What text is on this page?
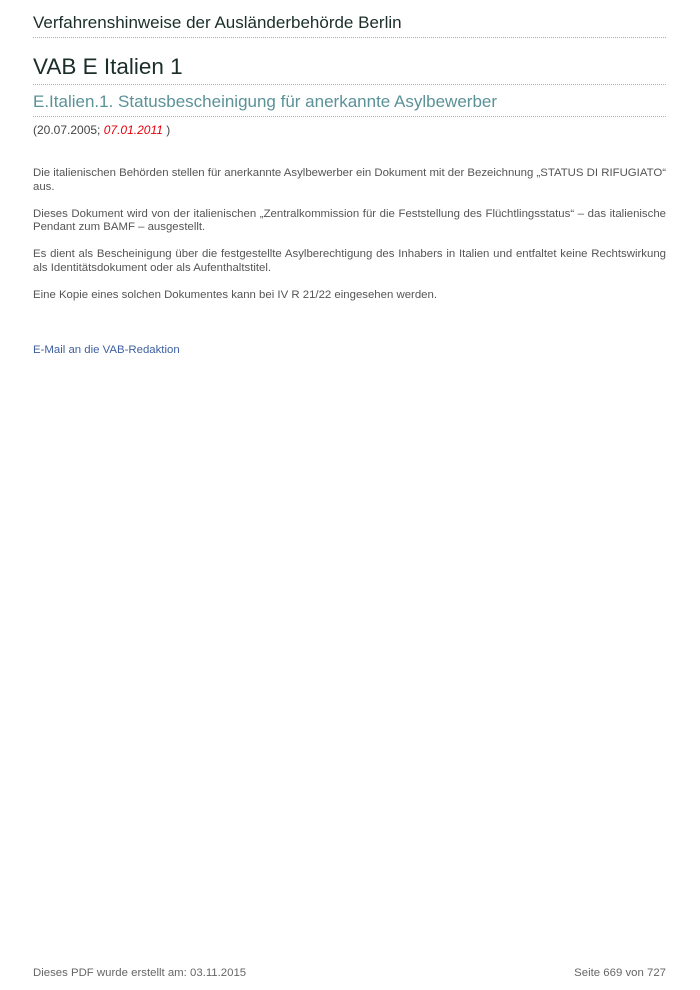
Verfahrenshinweise der Ausländerbehörde Berlin
VAB E Italien 1
E.Italien.1. Statusbescheinigung für anerkannte Asylbewerber
(20.07.2005; 07.01.2011 )

Die italienischen Behörden stellen für anerkannte Asylbewerber ein Dokument mit der Bezeichnung „STATUS DI RIFUGIATO“ aus.

Dieses Dokument wird von der italienischen „Zentralkommission für die Feststellung des Flüchtlingsstatus“ – das italienische Pendant zum BAMF – ausgestellt.

Es dient als Bescheinigung über die festgestellte Asylberechtigung des Inhabers in Italien und entfaltet keine Rechtswirkung als Identitätsdokument oder als Aufenthaltstitel.

Eine Kopie eines solchen Dokumentes kann bei IV R 21/22 eingesehen werden.

E-Mail an die VAB-Redaktion
Dieses PDF wurde erstellt am: 03.11.2015	Seite 669 von 727
